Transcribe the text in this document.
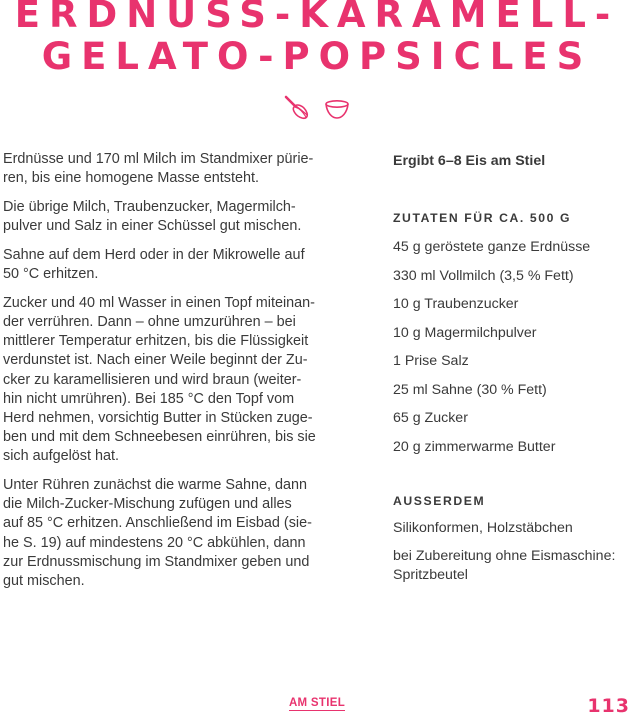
ERDNUSS-KARAMELL-
GELATO-POPSICLES

Erdnüsse und 170 ml Milch im Standmixer pürie-
ren, bis eine homogene Masse entsteht.

Die übrige Milch, Traubenzucker, Magermilch-
pulver und Salz in einer Schüssel gut mischen.

Sahne auf dem Herd oder in der Mikrowelle auf
50 °C erhitzen.

Zucker und 40 ml Wasser in einen Topf miteinan-
der verrühren. Dann – ohne umzurühren – bei
mittlerer Temperatur erhitzen, bis die Flüssigkeit
verdunstet ist. Nach einer Weile beginnt der Zu-
cker zu karamellisieren und wird braun (weiter-
hin nicht umrühren). Bei 185 °C den Topf vom
Herd nehmen, vorsichtig Butter in Stücken zuge-
ben und mit dem Schneebesen einrühren, bis sie
sich aufgelöst hat.

Unter Rühren zunächst die warme Sahne, dann
die Milch-Zucker-Mischung zufügen und alles
auf 85 °C erhitzen. Anschließend im Eisbad (sie-
he S. 19) auf mindestens 20 °C abkühlen, dann
zur Erdnussmischung im Standmixer geben und
gut mischen.

Ergibt 6–8 Eis am Stiel

ZUTATEN FÜR CA. 500 G

45 g geröstete ganze Erdnüsse
330 ml Vollmilch (3,5 % Fett)
10 g Traubenzucker
10 g Magermilchpulver
1 Prise Salz
25 ml Sahne (30 % Fett)
65 g Zucker
20 g zimmerwarme Butter

AUSSERDEM

Silikonformen, Holzstäbchen
bei Zubereitung ohne Eismaschine: Spritzbeutel
AM STIEL	113
